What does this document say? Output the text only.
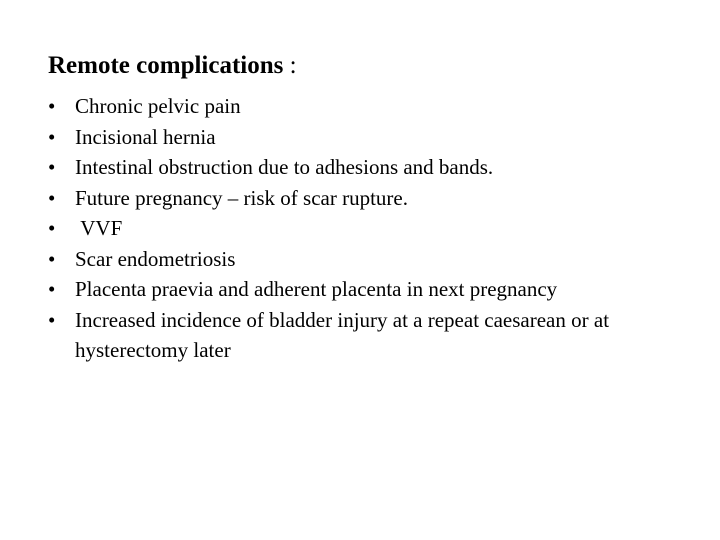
Remote complications :
• Chronic pelvic pain
• Incisional hernia
• Intestinal obstruction due to adhesions and bands.
• Future pregnancy – risk of scar rupture.
• VVF
• Scar endometriosis
• Placenta praevia and adherent placenta in next pregnancy
• Increased incidence of bladder injury at a repeat caesarean or at hysterectomy later
